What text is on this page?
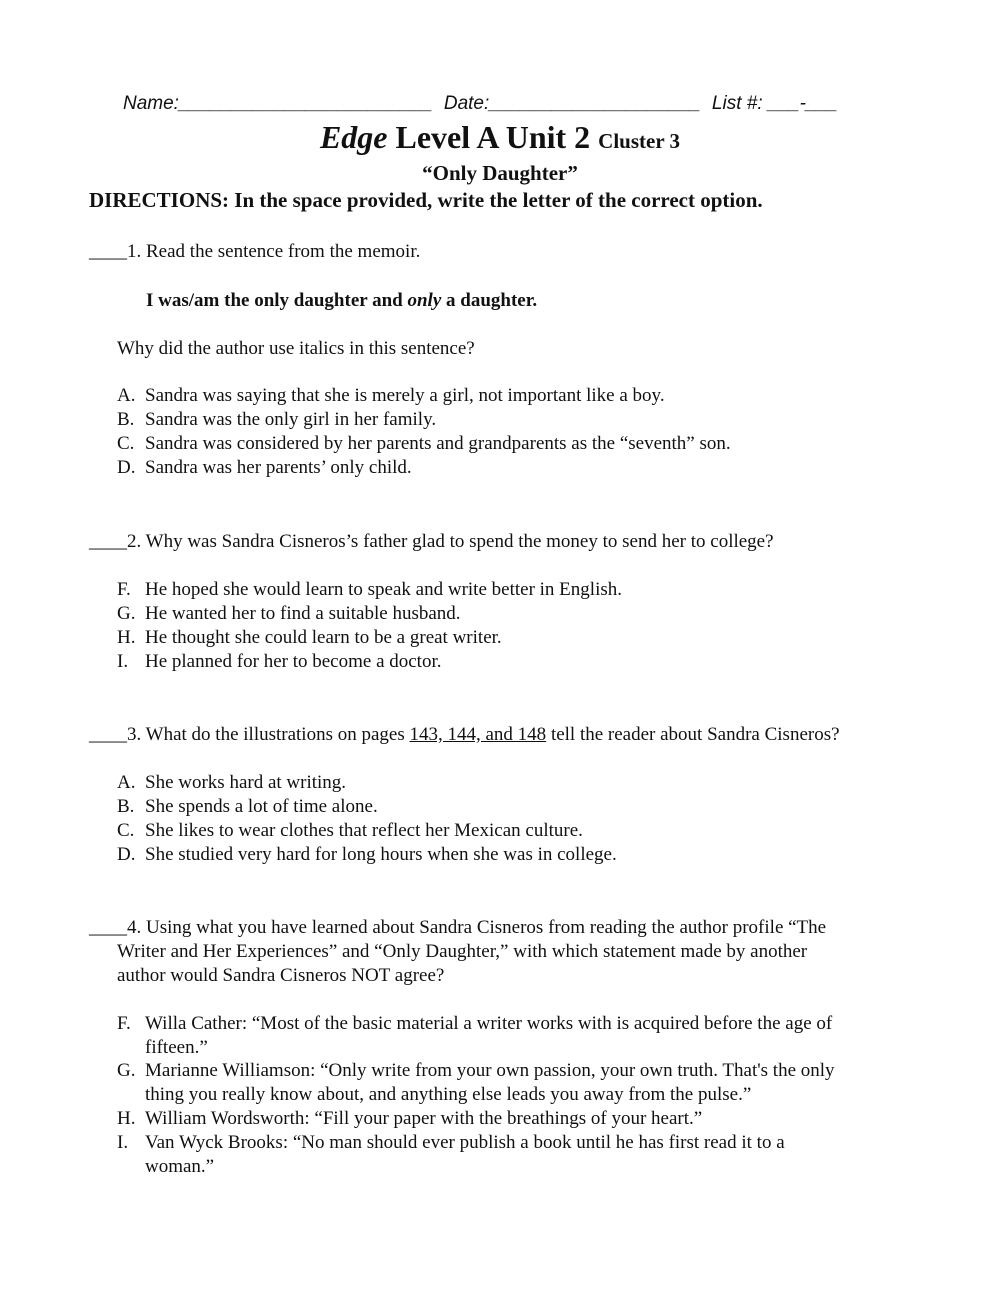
Name:________________________ Date:____________________ List #: ___-___
Edge Level A Unit 2 Cluster 3
“Only Daughter”
DIRECTIONS: In the space provided, write the letter of the correct option.
____1. Read the sentence from the memoir.
I was/am the only daughter and only a daughter.
Why did the author use italics in this sentence?
A. Sandra was saying that she is merely a girl, not important like a boy.
B. Sandra was the only girl in her family.
C. Sandra was considered by her parents and grandparents as the “seventh” son.
D. Sandra was her parents’ only child.
____2. Why was Sandra Cisneros’s father glad to spend the money to send her to college?
F. He hoped she would learn to speak and write better in English.
G. He wanted her to find a suitable husband.
H. He thought she could learn to be a great writer.
I. He planned for her to become a doctor.
____3. What do the illustrations on pages 143, 144, and 148 tell the reader about Sandra Cisneros?
A. She works hard at writing.
B. She spends a lot of time alone.
C. She likes to wear clothes that reflect her Mexican culture.
D. She studied very hard for long hours when she was in college.
____4. Using what you have learned about Sandra Cisneros from reading the author profile “The
Writer and Her Experiences” and “Only Daughter,” with which statement made by another
author would Sandra Cisneros NOT agree?
F. Willa Cather: “Most of the basic material a writer works with is acquired before the age of
fifteen.”
G. Marianne Williamson: “Only write from your own passion, your own truth. That's the only
thing you really know about, and anything else leads you away from the pulse.”
H. William Wordsworth: “Fill your paper with the breathings of your heart.”
I. Van Wyck Brooks: “No man should ever publish a book until he has first read it to a
woman.”
